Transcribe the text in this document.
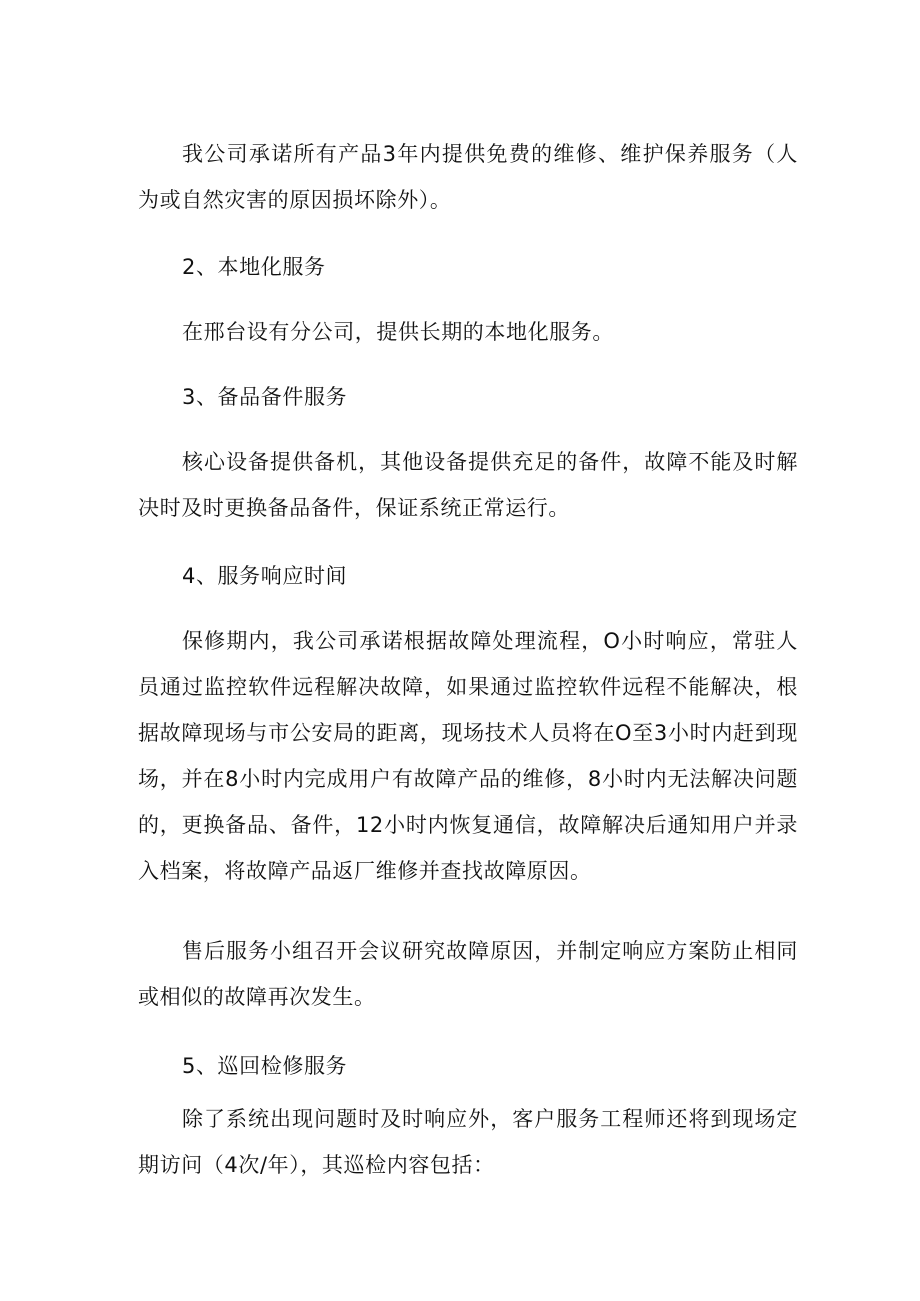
我公司承诺所有产品3年内提供免费的维修、维护保养服务（人为或自然灾害的原因损坏除外）。

2、本地化服务

在邢台设有分公司，提供长期的本地化服务。

3、备品备件服务

核心设备提供备机，其他设备提供充足的备件，故障不能及时解决时及时更换备品备件，保证系统正常运行。

4、服务响应时间

保修期内，我公司承诺根据故障处理流程，O小时响应，常驻人员通过监控软件远程解决故障，如果通过监控软件远程不能解决，根据故障现场与市公安局的距离，现场技术人员将在O至3小时内赶到现场，并在8小时内完成用户有故障产品的维修，8小时内无法解决问题的，更换备品、备件，12小时内恢复通信，故障解决后通知用户并录入档案，将故障产品返厂维修并查找故障原因。

售后服务小组召开会议研究故障原因，并制定响应方案防止相同或相似的故障再次发生。

5、巡回检修服务

除了系统出现问题时及时响应外，客户服务工程师还将到现场定期访问（4次/年），其巡检内容包括：
